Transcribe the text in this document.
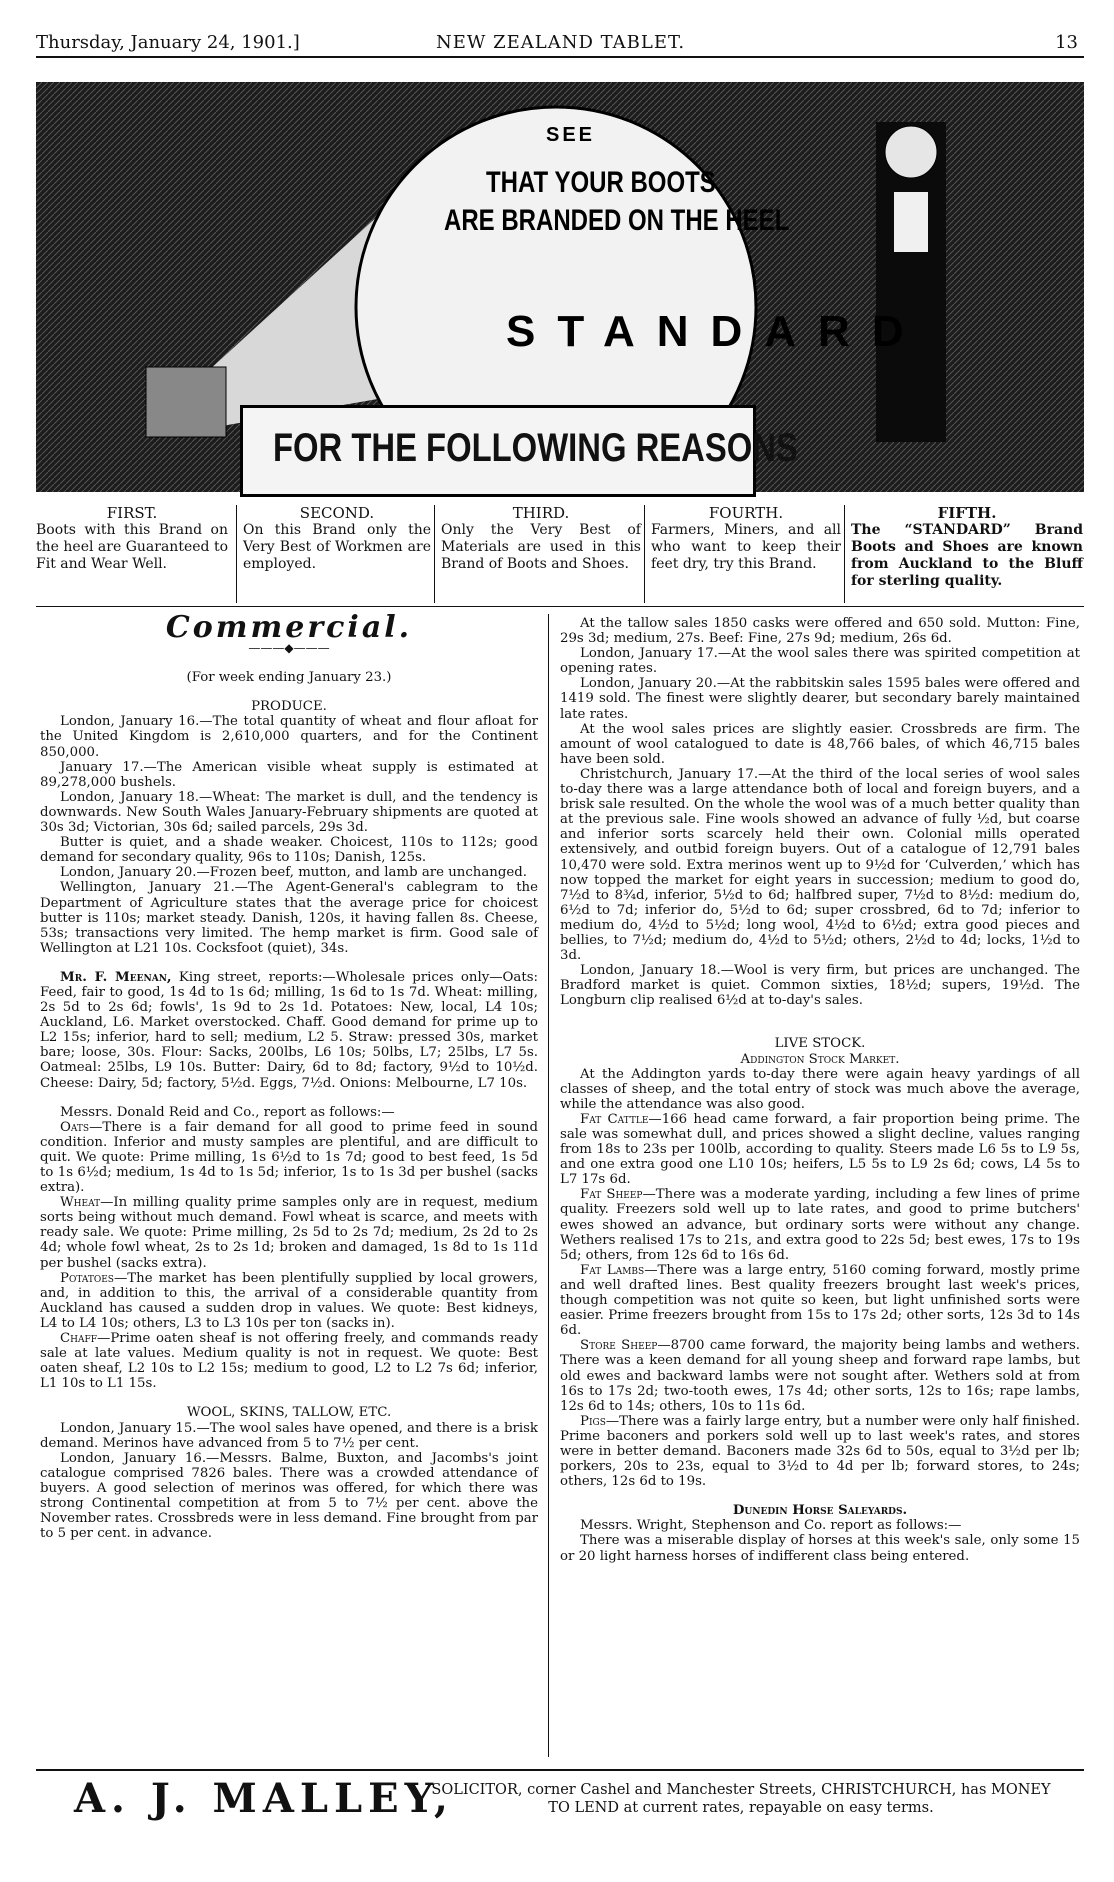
Thursday, January 24, 1901.]	NEW ZEALAND TABLET.	13
SEE
THAT YOUR BOOTS
ARE BRANDED ON THE HEEL
STANDARD
FOR THE FOLLOWING REASONS
FIRST.
Boots with this Brand on the heel are Guaranteed to Fit and Wear Well.
SECOND.
On this Brand only the Very Best of Workmen are employed.
THIRD.
Only the Very Best of Materials are used in this Brand of Boots and Shoes.
FOURTH.
Farmers, Miners, and all who want to keep their feet dry, try this Brand.
FIFTH.
The “STANDARD” Brand Boots and Shoes are known from Auckland to the Bluff for sterling quality.
Commercial.
———◆———

(For week ending January 23.)

PRODUCE.

London, January 16.—The total quantity of wheat and flour afloat for the United Kingdom is 2,610,000 quarters, and for the Continent 850,000.

January 17.—The American visible wheat supply is estimated at 89,278,000 bushels.

London, January 18.—Wheat: The market is dull, and the tendency is downwards. New South Wales January-February shipments are quoted at 30s 3d; Victorian, 30s 6d; sailed parcels, 29s 3d.

Butter is quiet, and a shade weaker. Choicest, 110s to 112s; good demand for secondary quality, 96s to 110s; Danish, 125s.

London, January 20.—Frozen beef, mutton, and lamb are unchanged.

Wellington, January 21.—The Agent-General's cablegram to the Department of Agriculture states that the average price for choicest butter is 110s; market steady. Danish, 120s, it having fallen 8s. Cheese, 53s; transactions very limited. The hemp market is firm. Good sale of Wellington at L21 10s. Cocksfoot (quiet), 34s.

Mr. F. Meenan, King street, reports:—Wholesale prices only—Oats: Feed, fair to good, 1s 4d to 1s 6d; milling, 1s 6d to 1s 7d. Wheat: milling, 2s 5d to 2s 6d; fowls', 1s 9d to 2s 1d. Potatoes: New, local, L4 10s; Auckland, L6. Market overstocked. Chaff. Good demand for prime up to L2 15s; inferior, hard to sell; medium, L2 5. Straw: pressed 30s, market bare; loose, 30s. Flour: Sacks, 200lbs, L6 10s; 50lbs, L7; 25lbs, L7 5s. Oatmeal: 25lbs, L9 10s. Butter: Dairy, 6d to 8d; factory, 9½d to 10½d. Cheese: Dairy, 5d; factory, 5½d. Eggs, 7½d. Onions: Melbourne, L7 10s.

Messrs. Donald Reid and Co., report as follows:—

Oats—There is a fair demand for all good to prime feed in sound condition. Inferior and musty samples are plentiful, and are difficult to quit. We quote: Prime milling, 1s 6½d to 1s 7d; good to best feed, 1s 5d to 1s 6½d; medium, 1s 4d to 1s 5d; inferior, 1s to 1s 3d per bushel (sacks extra).

Wheat—In milling quality prime samples only are in request, medium sorts being without much demand. Fowl wheat is scarce, and meets with ready sale. We quote: Prime milling, 2s 5d to 2s 7d; medium, 2s 2d to 2s 4d; whole fowl wheat, 2s to 2s 1d; broken and damaged, 1s 8d to 1s 11d per bushel (sacks extra).

Potatoes—The market has been plentifully supplied by local growers, and, in addition to this, the arrival of a considerable quantity from Auckland has caused a sudden drop in values. We quote: Best kidneys, L4 to L4 10s; others, L3 to L3 10s per ton (sacks in).

Chaff—Prime oaten sheaf is not offering freely, and commands ready sale at late values. Medium quality is not in request. We quote: Best oaten sheaf, L2 10s to L2 15s; medium to good, L2 to L2 7s 6d; inferior, L1 10s to L1 15s.

WOOL, SKINS, TALLOW, ETC.

London, January 15.—The wool sales have opened, and there is a brisk demand. Merinos have advanced from 5 to 7½ per cent.

London, January 16.—Messrs. Balme, Buxton, and Jacombs's joint catalogue comprised 7826 bales. There was a crowded attendance of buyers. A good selection of merinos was offered, for which there was strong Continental competition at from 5 to 7½ per cent. above the November rates. Crossbreds were in less demand. Fine brought from par to 5 per cent. in advance.

At the tallow sales 1850 casks were offered and 650 sold. Mutton: Fine, 29s 3d; medium, 27s. Beef: Fine, 27s 9d; medium, 26s 6d.

London, January 17.—At the wool sales there was spirited competition at opening rates.

London, January 20.—At the rabbitskin sales 1595 bales were offered and 1419 sold. The finest were slightly dearer, but secondary barely maintained late rates.

At the wool sales prices are slightly easier. Crossbreds are firm. The amount of wool catalogued to date is 48,766 bales, of which 46,715 bales have been sold.

Christchurch, January 17.—At the third of the local series of wool sales to-day there was a large attendance both of local and foreign buyers, and a brisk sale resulted. On the whole the wool was of a much better quality than at the previous sale. Fine wools showed an advance of fully ½d, but coarse and inferior sorts scarcely held their own. Colonial mills operated extensively, and outbid foreign buyers. Out of a catalogue of 12,791 bales 10,470 were sold. Extra merinos went up to 9½d for ‘Culverden,’ which has now topped the market for eight years in succession; medium to good do, 7½d to 8¾d, inferior, 5½d to 6d; halfbred super, 7½d to 8½d: medium do, 6½d to 7d; inferior do, 5½d to 6d; super crossbred, 6d to 7d; inferior to medium do, 4½d to 5½d; long wool, 4½d to 6½d; extra good pieces and bellies, to 7½d; medium do, 4½d to 5½d; others, 2½d to 4d; locks, 1½d to 3d.

London, January 18.—Wool is very firm, but prices are unchanged. The Bradford market is quiet. Common sixties, 18½d; supers, 19½d. The Longburn clip realised 6½d at to-day's sales.

LIVE STOCK.

Addington Stock Market.

At the Addington yards to-day there were again heavy yardings of all classes of sheep, and the total entry of stock was much above the average, while the attendance was also good.

Fat Cattle—166 head came forward, a fair proportion being prime. The sale was somewhat dull, and prices showed a slight decline, values ranging from 18s to 23s per 100lb, according to quality. Steers made L6 5s to L9 5s, and one extra good one L10 10s; heifers, L5 5s to L9 2s 6d; cows, L4 5s to L7 17s 6d.

Fat Sheep—There was a moderate yarding, including a few lines of prime quality. Freezers sold well up to late rates, and good to prime butchers' ewes showed an advance, but ordinary sorts were without any change. Wethers realised 17s to 21s, and extra good to 22s 5d; best ewes, 17s to 19s 5d; others, from 12s 6d to 16s 6d.

Fat Lambs—There was a large entry, 5160 coming forward, mostly prime and well drafted lines. Best quality freezers brought last week's prices, though competition was not quite so keen, but light unfinished sorts were easier. Prime freezers brought from 15s to 17s 2d; other sorts, 12s 3d to 14s 6d.

Store Sheep—8700 came forward, the majority being lambs and wethers. There was a keen demand for all young sheep and forward rape lambs, but old ewes and backward lambs were not sought after. Wethers sold at from 16s to 17s 2d; two-tooth ewes, 17s 4d; other sorts, 12s to 16s; rape lambs, 12s 6d to 14s; others, 10s to 11s 6d.

Pigs—There was a fairly large entry, but a number were only half finished. Prime baconers and porkers sold well up to last week's rates, and stores were in better demand. Baconers made 32s 6d to 50s, equal to 3½d per lb; porkers, 20s to 23s, equal to 3½d to 4d per lb; forward stores, to 24s; others, 12s 6d to 19s.

Dunedin Horse Saleyards.

Messrs. Wright, Stephenson and Co. report as follows:—

There was a miserable display of horses at this week's sale, only some 15 or 20 light harness horses of indifferent class being entered.

A. J. MALLEY,
SOLICITOR, corner Cashel and Manchester Streets, CHRISTCHURCH, has MONEY
TO LEND at current rates, repayable on easy terms.
